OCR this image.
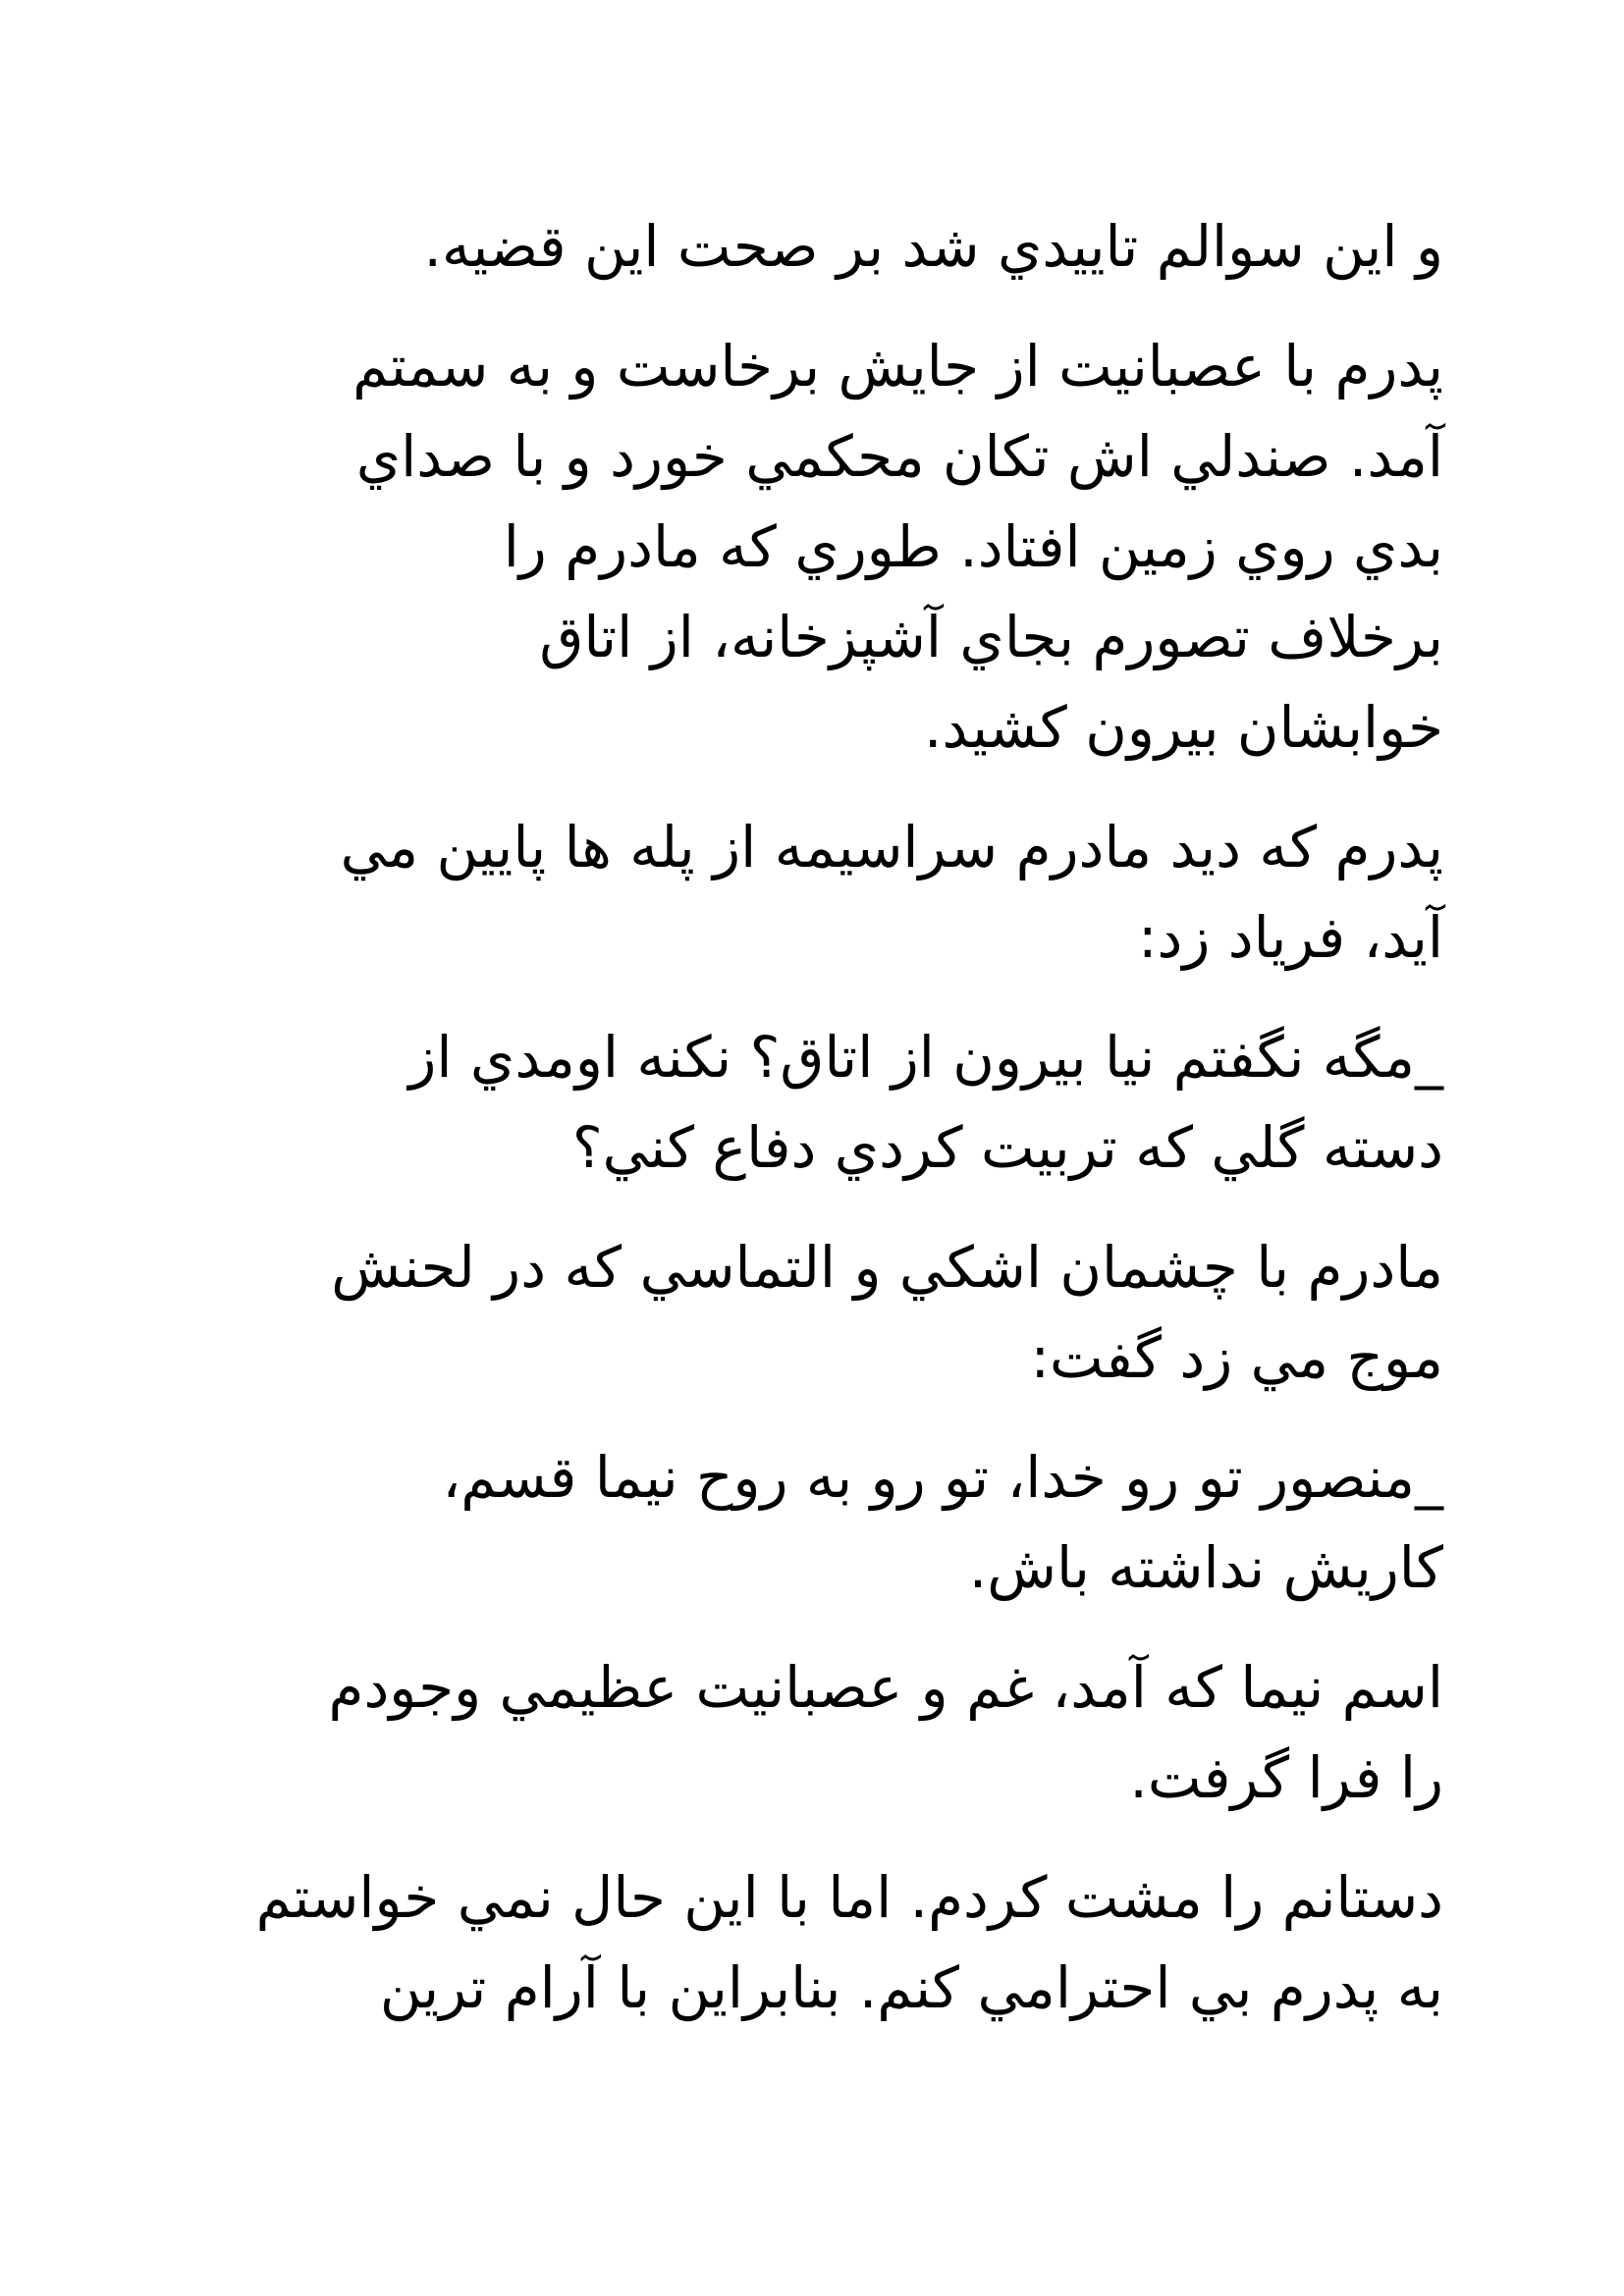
و اين سوالم تاييدي شد بر صحت اين قضيه.

پدرم با عصبانيت از جايش برخاست و به سمتم
آمد. صندلي اش تكان محكمي خورد و با صداي
بدي روي زمين افتاد. طوري كه مادرم را
برخلاف تصورم بجاي آشپزخانه، از اتاق
خوابشان بيرون كشيد.

پدرم كه ديد مادرم سراسيمه از پله ها پايين مي
آيد، فرياد زد:

_مگه نگفتم نيا بيرون از اتاق؟ نكنه اومدي از
دسته گلي كه تربيت كردي دفاع كني؟

مادرم با چشمان اشكي و التماسي كه در لحنش
موج مي زد گفت:

_منصور تو رو خدا، تو رو به روح نيما قسم،
كاريش نداشته باش.

اسم نيما كه آمد، غم و عصبانيت عظيمي وجودم
را فرا گرفت.

دستانم را مشت كردم. اما با اين حال نمي خواستم
به پدرم بي احترامي كنم. بنابراين با آرام ترين
